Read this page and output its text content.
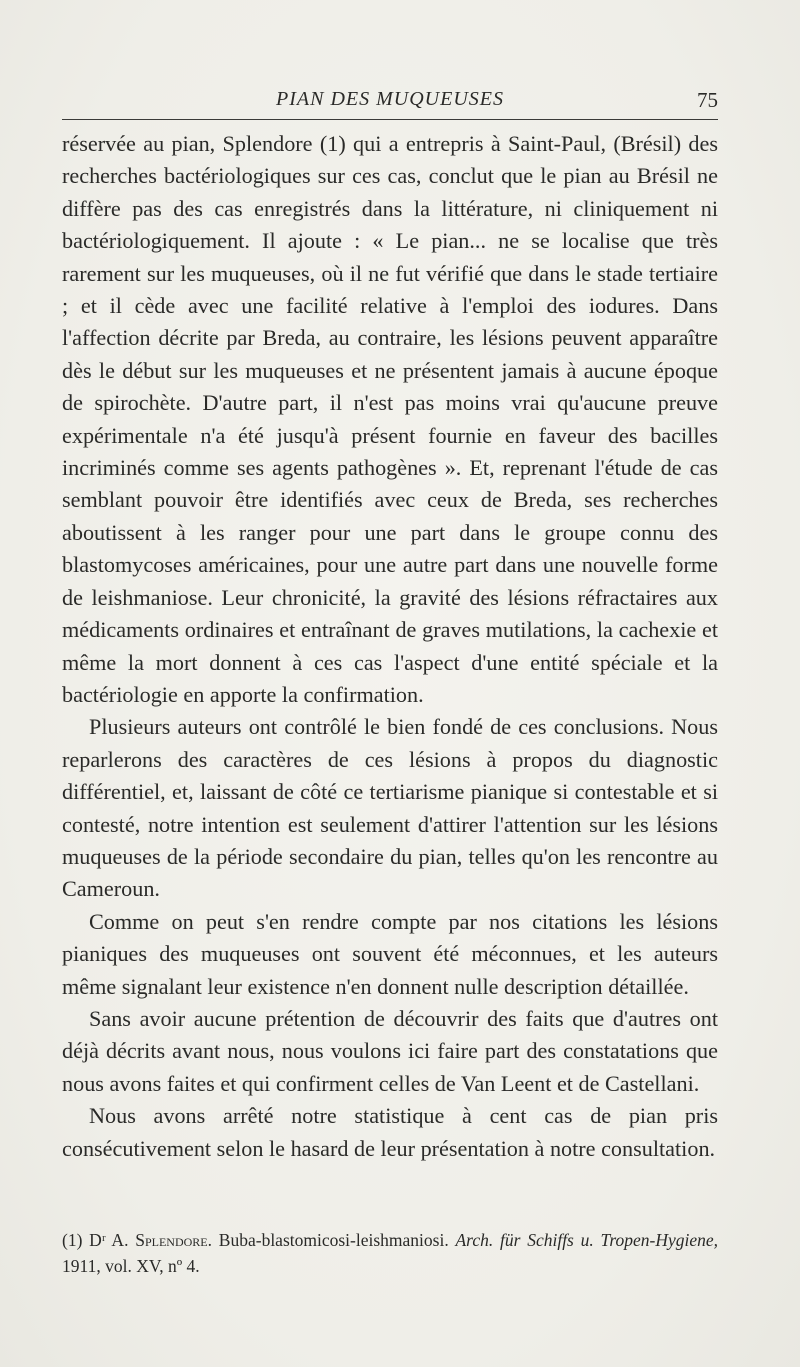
PIAN DES MUQUEUSES	75

réservée au pian, Splendore (1) qui a entrepris à Saint-Paul, (Brésil) des recherches bactériologiques sur ces cas, conclut que le pian au Brésil ne diffère pas des cas enregistrés dans la littérature, ni cliniquement ni bactériologiquement. Il ajoute : « Le pian... ne se localise que très rarement sur les muqueuses, où il ne fut vérifié que dans le stade tertiaire ; et il cède avec une facilité relative à l'emploi des iodures. Dans l'affection décrite par Breda, au contraire, les lésions peuvent apparaître dès le début sur les muqueuses et ne présentent jamais à aucune époque de spirochète. D'autre part, il n'est pas moins vrai qu'aucune preuve expérimentale n'a été jusqu'à présent fournie en faveur des bacilles incriminés comme ses agents pathogènes ». Et, reprenant l'étude de cas semblant pouvoir être identifiés avec ceux de Breda, ses recherches aboutissent à les ranger pour une part dans le groupe connu des blastomycoses américaines, pour une autre part dans une nouvelle forme de leishmaniose. Leur chronicité, la gravité des lésions réfractaires aux médicaments ordinaires et entraînant de graves mutilations, la cachexie et même la mort donnent à ces cas l'aspect d'une entité spéciale et la bactériologie en apporte la confirmation.

Plusieurs auteurs ont contrôlé le bien fondé de ces conclusions. Nous reparlerons des caractères de ces lésions à propos du diagnostic différentiel, et, laissant de côté ce tertiarisme pianique si contestable et si contesté, notre intention est seulement d'attirer l'attention sur les lésions muqueuses de la période secondaire du pian, telles qu'on les rencontre au Cameroun.

Comme on peut s'en rendre compte par nos citations les lésions pianiques des muqueuses ont souvent été méconnues, et les auteurs même signalant leur existence n'en donnent nulle description détaillée.

Sans avoir aucune prétention de découvrir des faits que d'autres ont déjà décrits avant nous, nous voulons ici faire part des constatations que nous avons faites et qui confirment celles de Van Leent et de Castellani.

Nous avons arrêté notre statistique à cent cas de pian pris consécutivement selon le hasard de leur présentation à notre consultation.

(1) Dʳ A. Splendore. Buba-blastomicosi-leishmaniosi. Arch. für Schiffs u. Tropen-Hygiene, 1911, vol. XV, nº 4.
